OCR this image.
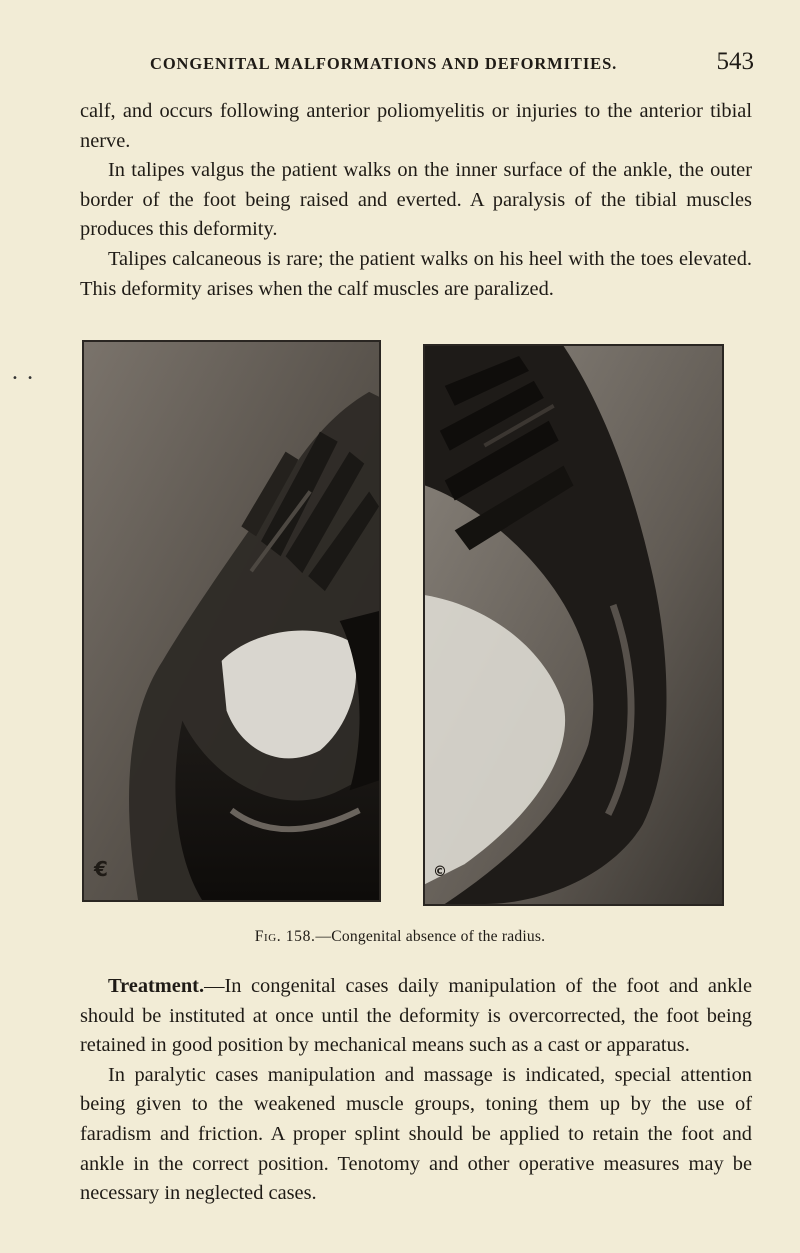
CONGENITAL MALFORMATIONS AND DEFORMITIES.	543

calf, and occurs following anterior poliomyelitis or injuries to the anterior tibial nerve.

In talipes valgus the patient walks on the inner surface of the ankle, the outer border of the foot being raised and everted. A paralysis of the tibial muscles produces this deformity.

Talipes calcaneous is rare; the patient walks on his heel with the toes elevated. This deformity arises when the calf muscles are paralized.

• •
€	©
Fig. 158.—Congenital absence of the radius.

Treatment.—In congenital cases daily manipulation of the foot and ankle should be instituted at once until the deformity is overcorrected, the foot being retained in good position by mechanical means such as a cast or apparatus.

In paralytic cases manipulation and massage is indicated, special attention being given to the weakened muscle groups, toning them up by the use of faradism and friction. A proper splint should be applied to retain the foot and ankle in the correct position. Tenotomy and other operative measures may be necessary in neglected cases.
